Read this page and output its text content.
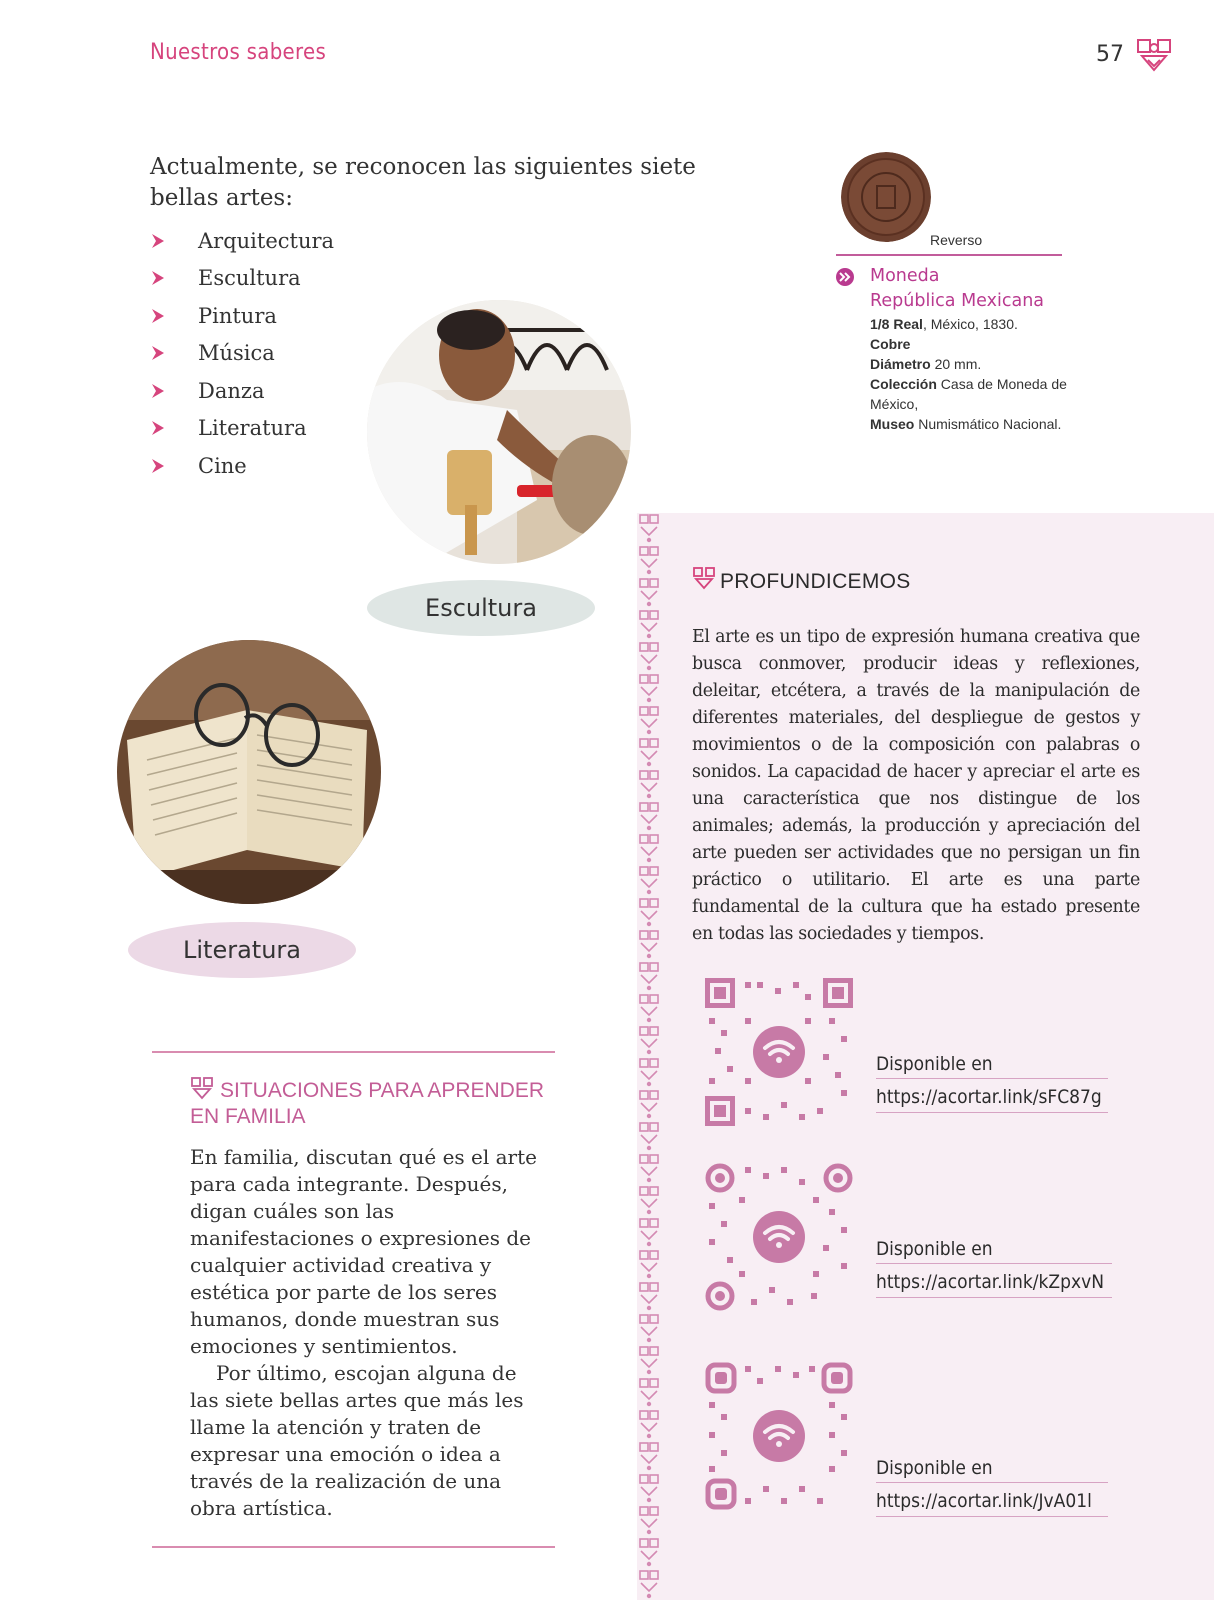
Nuestros saberes	57
Actualmente, se reconocen las siguientes siete bellas artes:
Arquitectura
Escultura
Pintura
Música
Danza
Literatura
Cine
Escultura
Literatura
Reverso
Moneda
República Mexicana
1/8 Real, México, 1830.
Cobre
Diámetro 20 mm.
Colección Casa de Moneda de México,
Museo Numismático Nacional.
PROFUNDICEMOS
El arte es un tipo de expresión humana creativa que busca conmover, producir ideas y reflexiones, deleitar, etcétera, a través de la manipulación de diferentes materiales, del despliegue de gestos y movimientos o de la composición con palabras o sonidos. La capacidad de hacer y apreciar el arte es una característica que nos distingue de los animales; además, la producción y apreciación del arte pueden ser actividades que no persigan un fin práctico o utilitario. El arte es una parte fundamental de la cultura que ha estado presente en todas las sociedades y tiempos.
Disponible en
https://acortar.link/sFC87g
Disponible en
https://acortar.link/kZpxvN
Disponible en
https://acortar.link/JvA01l
SITUACIONES PARA APRENDER EN FAMILIA

En familia, discutan qué es el arte para cada integrante. Después, digan cuáles son las manifestaciones o expresiones de cualquier actividad creativa y estética por parte de los seres humanos, donde muestran sus emociones y sentimientos.

Por último, escojan alguna de las siete bellas artes que más les llame la atención y traten de expresar una emoción o idea a través de la realización de una obra artística.
